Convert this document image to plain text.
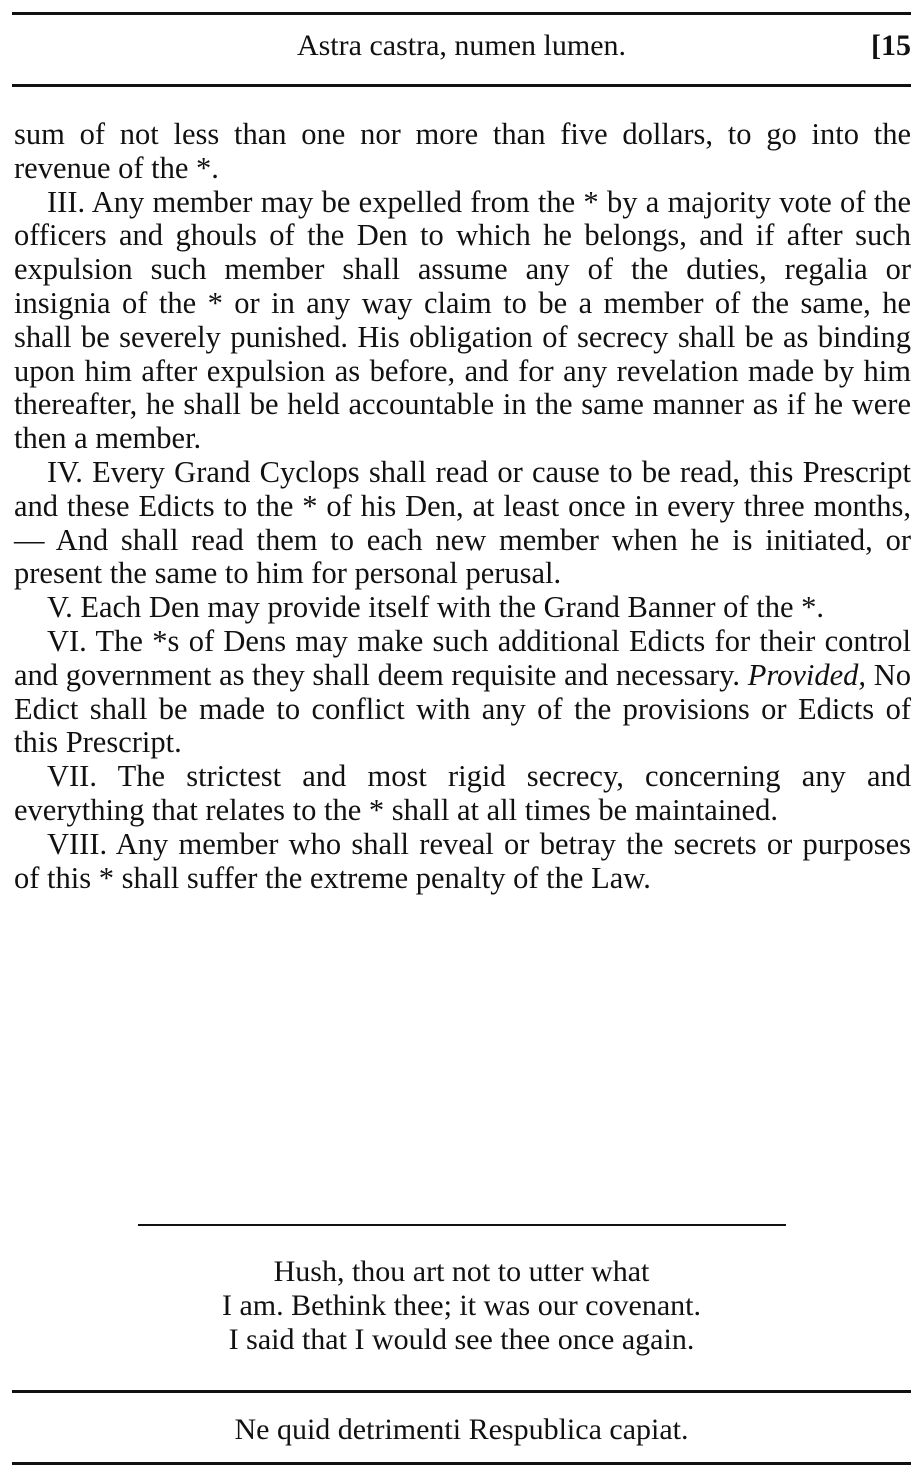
Astra castra, numen lumen.	[15

sum of not less than one nor more than five dollars, to go into the revenue of the *.

III. Any member may be expelled from the * by a majority vote of the officers and ghouls of the Den to which he belongs, and if after such expulsion such member shall assume any of the duties, regalia or insignia of the * or in any way claim to be a member of the same, he shall be severely punished. His obligation of secrecy shall be as binding upon him after expulsion as before, and for any revelation made by him thereafter, he shall be held accountable in the same manner as if he were then a member.

IV. Every Grand Cyclops shall read or cause to be read, this Prescript and these Edicts to the * of his Den, at least once in every three months,— And shall read them to each new member when he is initiated, or present the same to him for personal perusal.

V. Each Den may provide itself with the Grand Banner of the *.

VI. The *s of Dens may make such additional Edicts for their control and government as they shall deem requisite and necessary. Provided, No Edict shall be made to conflict with any of the provisions or Edicts of this Prescript.

VII. The strictest and most rigid secrecy, concerning any and everything that relates to the * shall at all times be maintained.

VIII. Any member who shall reveal or betray the secrets or purposes of this * shall suffer the extreme penalty of the Law.

Hush, thou art not to utter what
I am. Bethink thee; it was our covenant.
I said that I would see thee once again.
Ne quid detrimenti Respublica capiat.
